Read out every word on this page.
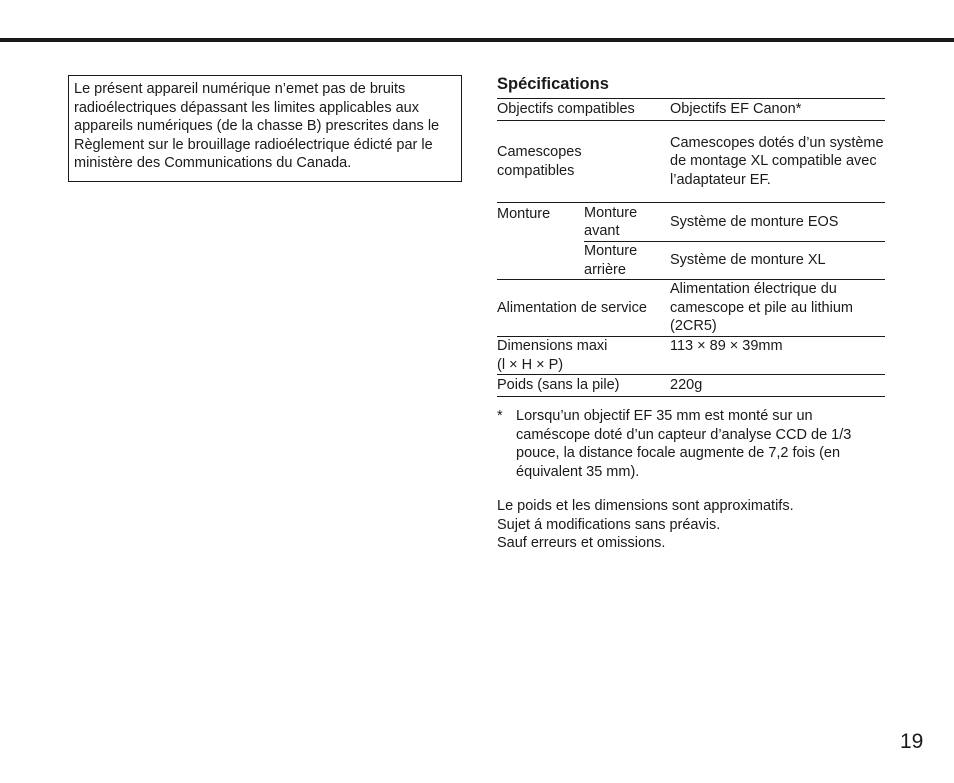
Le présent appareil numérique n’emet pas de bruits radioélectriques dépassant les limites applicables aux appareils numériques (de la chasse B) prescrites dans le Règlement sur le brouillage radioélectrique édicté par le ministère des Communications du Canada.
Spécifications
Objectifs compatibles		Objectifs EF Canon*
Camescopes compatibles		Camescopes dotés d’un système de montage XL compatible avec l’adaptateur EF.
Monture	Monture avant	Système de monture EOS
	Monture arrière	Système de monture XL
Alimentation de service		Alimentation électrique du camescope et pile au lithium (2CR5)

Dimensions maxi
(l × H × P)		113 × 89 × 39mm
Poids (sans la pile)		220g
* Lorsqu’un objectif EF 35 mm est monté sur un caméscope doté d’un capteur d’analyse CCD de 1/3 pouce, la distance focale augmente de 7,2 fois (en équivalent 35 mm).
Le poids et les dimensions sont approximatifs.
Sujet á modifications sans préavis.
Sauf erreurs et omissions.
19
